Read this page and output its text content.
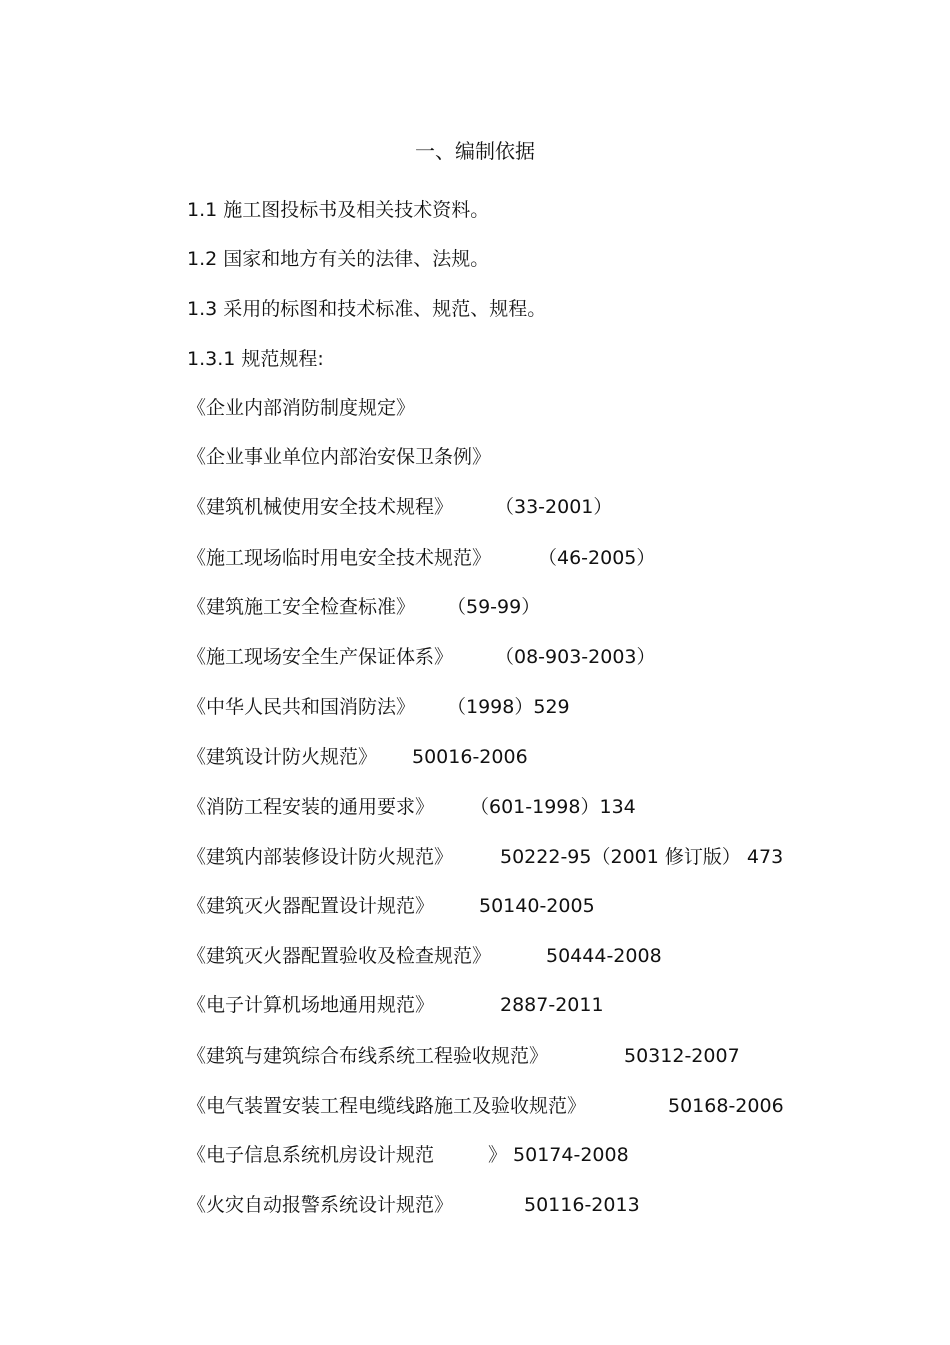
一、编制依据
1.1 施工图投标书及相关技术资料。
1.2 国家和地方有关的法律、法规。
1.3 采用的标图和技术标准、规范、规程。
1.3.1 规范规程:
《企业内部消防制度规定》
《企业事业单位内部治安保卫条例》
《建筑机械使用安全技术规程》 （33-2001）
《施工现场临时用电安全技术规范》 （46-2005）
《建筑施工安全检查标准》 （59-99）
《施工现场安全生产保证体系》 （08-903-2003）
《中华人民共和国消防法》 （1998）529
《建筑设计防火规范》 50016-2006
《消防工程安装的通用要求》 （601-1998）134
《建筑内部装修设计防火规范》 50222-95（2001 修订版） 473
《建筑灭火器配置设计规范》 50140-2005
《建筑灭火器配置验收及检查规范》	50444-2008
《电子计算机场地通用规范》	2887-2011
《建筑与建筑综合布线系统工程验收规范》	50312-2007
《电气装置安装工程电缆线路施工及验收规范》	50168-2006
《电子信息系统机房设计规范	》 50174-2008
《火灾自动报警系统设计规范》	50116-2013
